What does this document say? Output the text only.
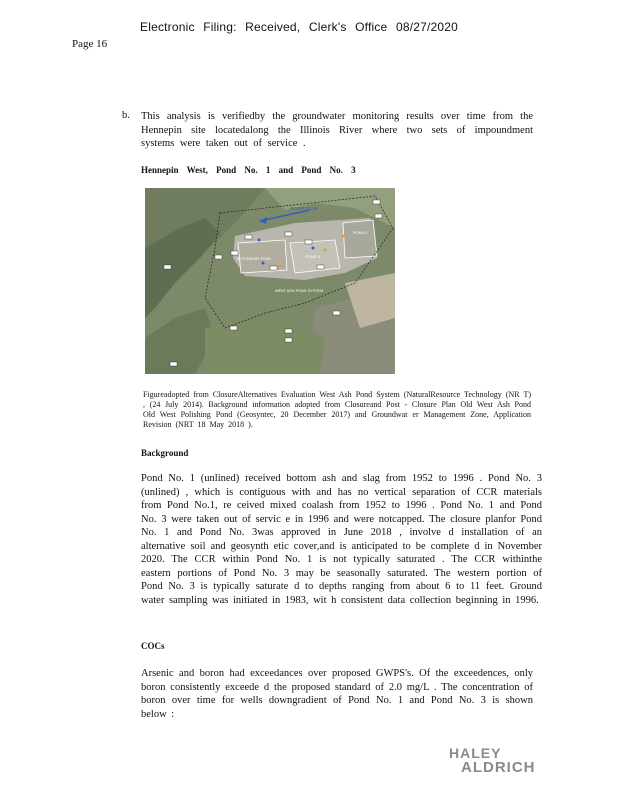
Electronic Filing: Received, Clerk's Office 08/27/2020
Page 16
b. This analysis is verifiedby the groundwater monitoring results over time from the Hennepin site locatedalong the Illinois River where two sets of impoundment systems were taken out of service .
Hennepin West, Pond No. 1 and Pond No. 3
RIVER FLOW
POND 1
POND 3
SECONDARY POND
WEST ASH POND SYSTEM
Figureadopted from ClosureAlternatives Evaluation West Ash Pond System (NaturalResource Technology (NR T) , (24 July 2014). Background information adopted from Closureand Post - Closure Plan Old West Ash Pond Old West Polishing Pond (Geosyntec, 20 December 2017) and Groundwat er Management Zone, Application Revision (NRT 18 May 2018 ).
Background
Pond No. 1 (unlined) received bottom ash and slag from 1952 to 1996 . Pond No. 3 (unlined) , which is contiguous with and has no vertical separation of CCR materials from Pond No.1, re ceived mixed coalash from 1952 to 1996 . Pond No. 1 and Pond No. 3 were taken out of servic e in 1996 and were notcapped. The closure planfor Pond No. 1 and Pond No. 3was approved in June 2018 , involve d installation of an alternative soil and geosynth etic cover,and is anticipated to be complete d in November 2020. The CCR within Pond No. 1 is not typically saturated . The CCR withinthe eastern portions of Pond No. 3 may be seasonally saturated. The western portion of Pond No. 3 is typically saturate d to depths ranging from about 6 to 11 feet. Ground water sampling was initiated in 1983, wit h consistent data collection beginning in 1996.
COCs
Arsenic and boron had exceedances over proposed GWPS's. Of the exceedences, only boron consistently exceede d the proposed standard of 2.0 mg/L . The concentration of boron over time for wells downgradient of Pond No. 1 and Pond No. 3 is shown below :
HALEY
ALDRICH
